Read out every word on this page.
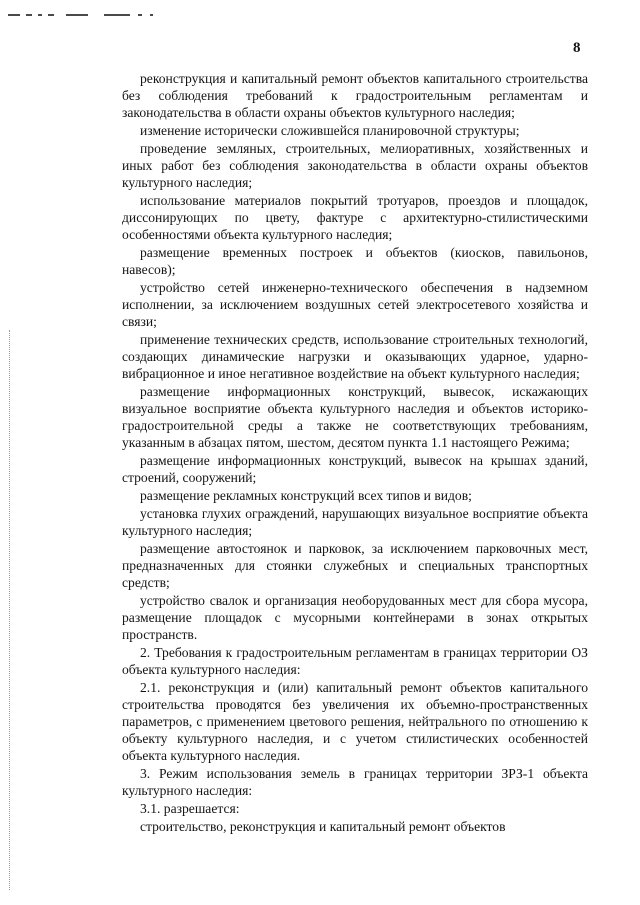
8

реконструкция и капитальный ремонт объектов капитального строительства без соблюдения требований к градостроительным регламентам и законодательства в области охраны объектов культурного наследия;

изменение исторически сложившейся планировочной структуры;

проведение земляных, строительных, мелиоративных, хозяйственных и иных работ без соблюдения законодательства в области охраны объектов культурного наследия;

использование материалов покрытий тротуаров, проездов и площадок, диссонирующих по цвету, фактуре с архитектурно-стилистическими особенностями объекта культурного наследия;

размещение временных построек и объектов (киосков, павильонов, навесов);

устройство сетей инженерно-технического обеспечения в надземном исполнении, за исключением воздушных сетей электросетевого хозяйства и связи;

применение технических средств, использование строительных технологий, создающих динамические нагрузки и оказывающих ударное, ударно-вибрационное и иное негативное воздействие на объект культурного наследия;

размещение информационных конструкций, вывесок, искажающих визуальное восприятие объекта культурного наследия и объектов историко-градостроительной среды а также не соответствующих требованиям, указанным в абзацах пятом, шестом, десятом пункта 1.1 настоящего Режима;

размещение информационных конструкций, вывесок на крышах зданий, строений, сооружений;

размещение рекламных конструкций всех типов и видов;

установка глухих ограждений, нарушающих визуальное восприятие объекта культурного наследия;

размещение автостоянок и парковок, за исключением парковочных мест, предназначенных для стоянки служебных и специальных транспортных средств;

устройство свалок и организация необорудованных мест для сбора мусора, размещение площадок с мусорными контейнерами в зонах открытых пространств.

2. Требования к градостроительным регламентам в границах территории ОЗ объекта культурного наследия:

2.1. реконструкция и (или) капитальный ремонт объектов капитального строительства проводятся без увеличения их объемно-пространственных параметров, с применением цветового решения, нейтрального по отношению к объекту культурного наследия, и с учетом стилистических особенностей объекта культурного наследия.

3. Режим использования земель в границах территории ЗРЗ-1 объекта культурного наследия:

3.1. разрешается:

строительство, реконструкция и капитальный ремонт объектов
